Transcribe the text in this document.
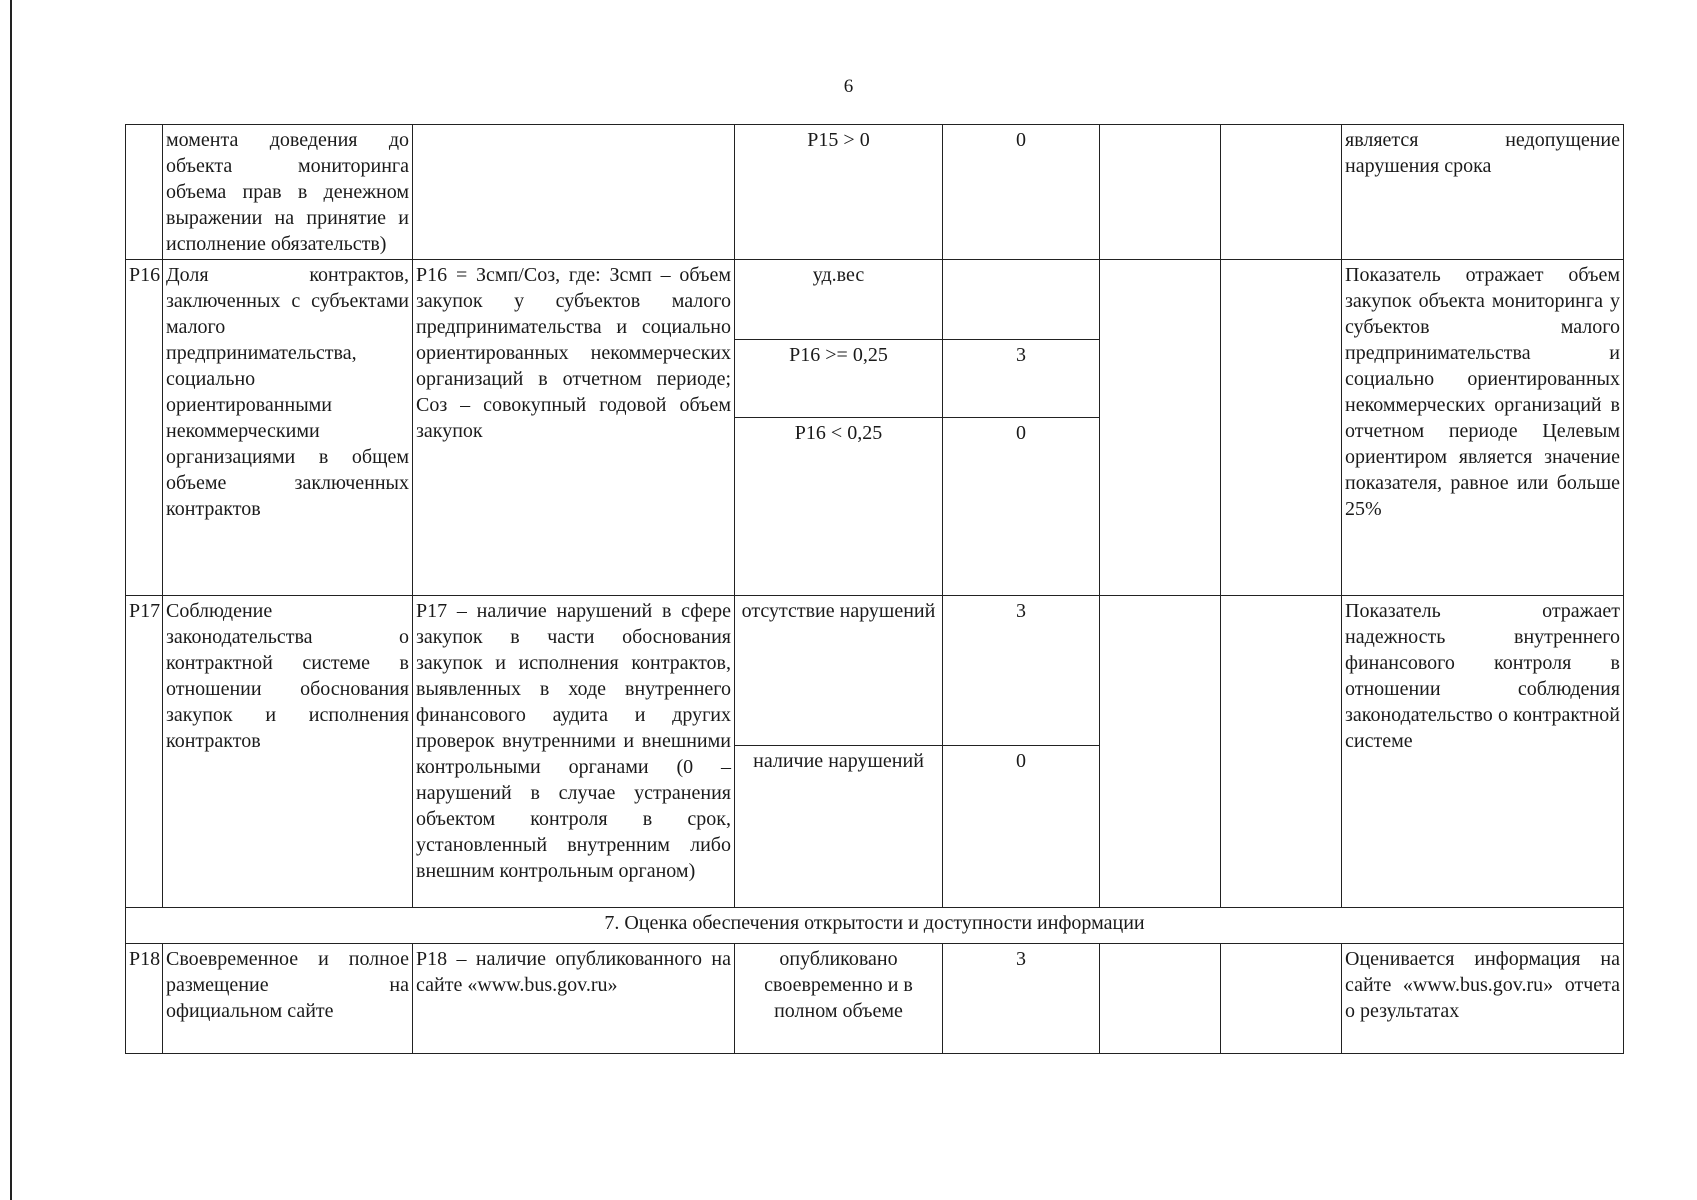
6
	момента доведения до объекта мониторинга объема прав в денежном выражении на принятие и исполнение обязательств)		P15 > 0	0			является недопущение нарушения срока
P16	Доля контрактов, заключенных с субъектами малого предпринимательства, социально ориентированными некоммерческими организациями в общем объеме заключенных контрактов	P16 = Зсмп/Соз, где: Зсмп – объем закупок у субъектов малого предпринимательства и социально ориентированных некоммерческих организаций в отчетном периоде; Соз – совокупный годовой объем закупок	уд.вес				Показатель отражает объем закупок объекта мониторинга у субъектов малого предпринимательства и социально ориентированных некоммерческих организаций в отчетном периоде Целевым ориентиром является значение показателя, равное или больше 25%
			P16 >= 0,25	3			
			P16 < 0,25	0			
P17	Соблюдение законодательства о контрактной системе в отношении обоснования закупок и исполнения контрактов	P17 – наличие нарушений в сфере закупок в части обоснования закупок и исполнения контрактов, выявленных в ходе внутреннего финансового аудита и других проверок внутренними и внешними контрольными органами (0 – нарушений в случае устранения объектом контроля в срок, установленный внутренним либо внешним контрольным органом)	отсутствие нарушений	3			Показатель отражает надежность внутреннего финансового контроля в отношении соблюдения законодательство о контрактной системе
			наличие нарушений	0			
7. Оценка обеспечения открытости и доступности информации							
P18	Своевременное и полное размещение на официальном сайте	P18 – наличие опубликованного на сайте «www.bus.gov.ru»	опубликовано своевременно и в полном объеме	3			Оценивается информация на сайте «www.bus.gov.ru» отчета о результатах
